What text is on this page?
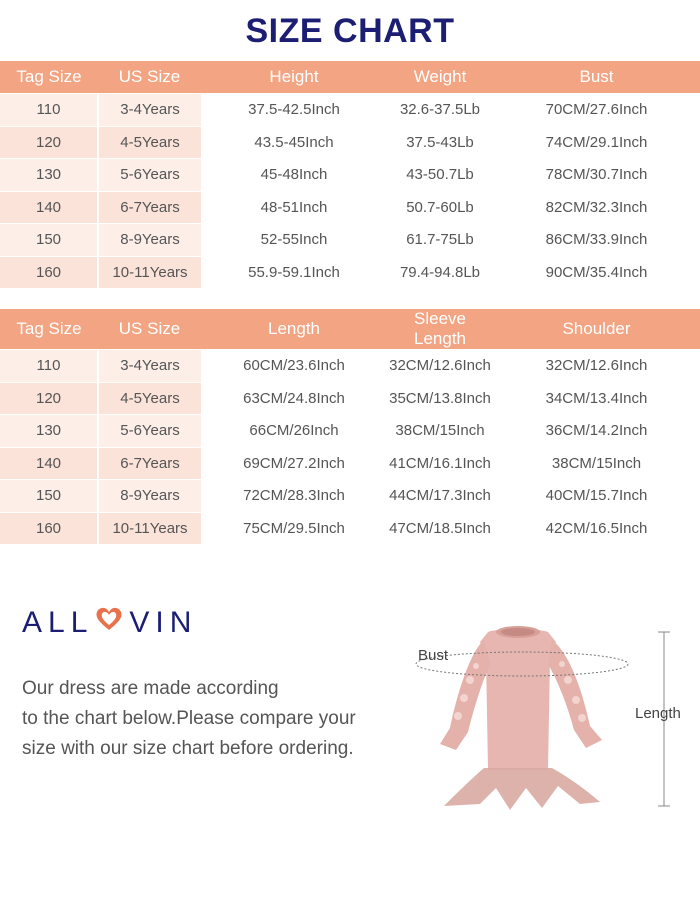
SIZE CHART
Tag Size	US Size	Height	Weight	Bust
110	3-4Years	37.5-42.5Inch	32.6-37.5Lb	70CM/27.6Inch
120	4-5Years	43.5-45Inch	37.5-43Lb	74CM/29.1Inch
130	5-6Years	45-48Inch	43-50.7Lb	78CM/30.7Inch
140	6-7Years	48-51Inch	50.7-60Lb	82CM/32.3Inch
150	8-9Years	52-55Inch	61.7-75Lb	86CM/33.9Inch
160	10-11Years	55.9-59.1Inch	79.4-94.8Lb	90CM/35.4Inch
Tag Size	US Size	Length	Sleeve Length	Shoulder
110	3-4Years	60CM/23.6Inch	32CM/12.6Inch	32CM/12.6Inch
120	4-5Years	63CM/24.8Inch	35CM/13.8Inch	34CM/13.4Inch
130	5-6Years	66CM/26Inch	38CM/15Inch	36CM/14.2Inch
140	6-7Years	69CM/27.2Inch	41CM/16.1Inch	38CM/15Inch
150	8-9Years	72CM/28.3Inch	44CM/17.3Inch	40CM/15.7Inch
160	10-11Years	75CM/29.5Inch	47CM/18.5Inch	42CM/16.5Inch
ALL VIN
Our dress are made according
to the chart below.Please compare your
size with our size chart before ordering.
Bust
Length
